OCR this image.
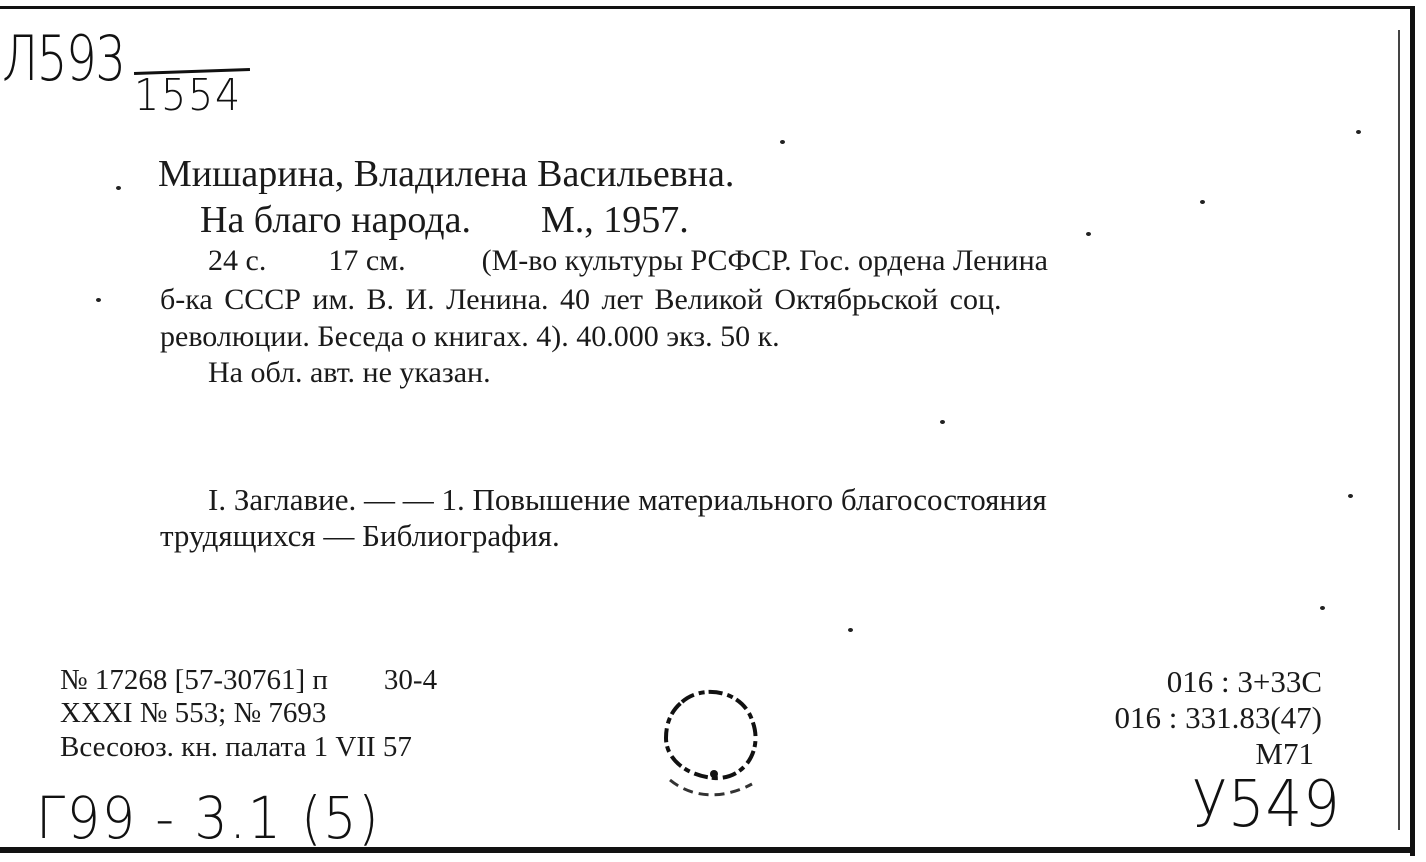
Л593
1554
Мишарина, Владилена Васильевна.
На благо народа. М., 1957.
24 с. 17 см.	(М-во культуры РСФСР. Гос. ордена Ленина
б-ка СССР им. В. И. Ленина. 40 лет Великой Октябрьской соц.
революции. Беседа о книгах. 4). 40.000 экз. 50 к.
На обл. авт. не указан.
I. Заглавие. — — 1. Повышение материального благосостояния
трудящихся — Библиография.
№ 17268 [57-30761] п 30-4
XXXI № 553; № 7693
Всесоюз. кн. палата 1 VII 57
016 : 3+33С
016 : 331.83(47)
М71
Г99 - 3.1 (5)	У549
